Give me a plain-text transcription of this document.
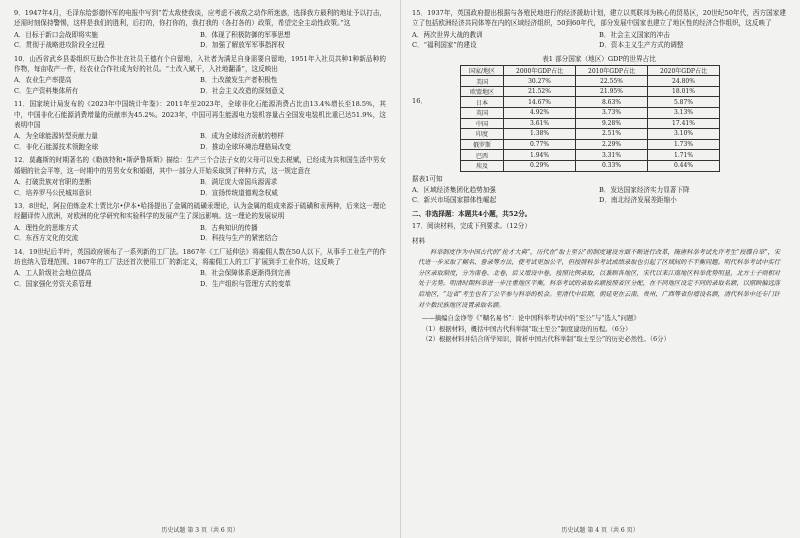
9．1947年4月，毛泽东给彭德怀军的电报中写到“若太敌使我谈，应考虑不被敌之动作所迷惑，选择我方最利的地址予以打击，还需时刻保持警惕，这样是我们的胜利，后打的，你打你的，我打我的（各打各的）政策，希望完全主动性政策。”这

A．目标于新口会战即将实施	B．体现了积极防御的军事思想
C．贯彻于战略进攻阶段全过程	D．加强了解放军军事指挥权

10．山西省武乡县委组织互助合作社在社员王德有个自留地，入社者为满足自身需要自留地，1951年入社员共种1种新品种的作物，每亩收产一件，经农业合作社成为好的社员。“土改入赋干，入社地翻番”，这反映出

A．农业生产率提高	B．土改激发生产者积极性
C．生产资料集体所有	D．社会主义改造的深刻意义

11．国家统计局发布的《2023年中国统计年鉴》：2011年至2023年，全球非化石能源消费占比由13.4%增长至18.5%，其中，中国非化石能源消费增量的贡献率为45.2%。2023年，中国可再生能源电力装机容量占全国发电装机比重已达51.9%，这表明中国

A．为全球能源转型贡献力量	B．成为全球经济贡献的榜样
C．非化石能源技术领跑全球	D．推动全球环境治理格局改变

12．莫鑫斯的时期著名的《勒彼特和•斯萨鲁斯斯》描绘：生产三个合法子女的父母可以免去税赋，已经成为共和国生活中男女婚姻的社会平等，这一时期中的男男女女和婚姻，其中一部分人开始采取到了种种方式，这一规定意在

A．打破贵族对官职的垄断	B．满足庞大帝国兵源需求
C．培养罗马公民城邦意识	D．宣扬传统道德观念权威

13．8世纪，阿拉伯炼金术士贾比尔•伊本•哈扬提出了金属的硫磺汞理论，认为金属的组成来源于硫磺和汞两种，后来这一理论经翻译传入欧洲，对欧洲的化学研究和实验科学的发展产生了深远影响。这一理论的发展说明

A．理性化的思维方式	B．古典知识的传播
C．东西方文化的交流	D．科技与生产的紧密结合

14．19世纪后半叶，英国政府颁布了一系列新的工厂法。1867年《工厂延伸法》将雇佣人数在50人以下，从事手工业生产的作坊也纳入管理范围。1867年的工厂法还首次使用工厂的新定义，将雇佣工人的工厂扩展到手工业作坊，这反映了

A．工人阶级社会地位提高	B．社会保障体系逐渐得到完善
C．国家强化劳资关系管理	D．生产组织与管理方式的变革
历史试题 第 3 页（共 6 页）

15．1937年，英国政府提出根据与各殖民地进行的经济援助计划，建立以英联邦为核心的贸易区，20世纪50年代，西方国家建立了包括欧洲经济共同体等在内的区域经济组织，50到60年代，部分发展中国家也建立了地区性的经济合作组织，这反映了

A．两次世界大战的教训	B．社会主义国家的冲击
C．“福利国家”的建设	D．资本主义生产方式的调整
16．
表1 部分国家（地区）GDP的世界占比
国家/地区	2000年GDP占比	2010年GDP占比	2020年GDP占比
美国	30.27%	22.55%	24.80%
欧盟地区	21.52%	21.95%	18.01%
日本	14.67%	8.63%	5.87%
英国	4.92%	3.73%	3.13%
中国	3.61%	9.28%	17.41%
印度	1.38%	2.51%	3.10%
俄罗斯	0.77%	2.29%	1.73%
巴西	1.94%	3.31%	1.71%
埃及	0.29%	0.33%	0.44%

据表1可知

A．区域经济集团化趋势加强	B．发达国家经济实力显著下降
C．新兴市场国家群体性崛起	D．南北经济发展差距缩小

二、非选择题：本题共4小题，共52分。

17．阅读材料，完成下列要求。（12分）

材料

科举制度作为中国古代的“抡才大典”，历代在“取士至公”的制度建设方面不断进行改革，隋唐科举考试允许考生“投牒自举”，宋代进一步采取了糊名、誊录等方法，使考试更加公平，但按照科举考试成绩录取也引起了区域间的不平衡问题。明代科举考试中实行分区录取制度，分为南卷、北卷，后又增设中卷，按照比例录取，以兼顾各地区，宋代以来江南地区科举优势明显，北方士子则相对处于劣势。明清时期科举进一步注重地区平衡，科举考试的录取名额按照省区分配，在不同地区设定不同的录取名额，以照顾偏远落后地区，“边省”考生也有了公平参与科举的机会。至清代中后期，朝廷更在云南、贵州、广西等省份增设名额，清代科举中还专门针对少数民族地区设置录取名额。

——摘编自金诤等《“糊名易书”：论中国科举考试中的“至公”与“选人”问题》

（1）根据材料，概括中国古代科举制“取士至公”制度建设的历程。（6分）

（2）根据材料并结合所学知识，简析中国古代科举制“取士至公”的历史必然性。（6分）

历史试题 第 4 页（共 6 页）
